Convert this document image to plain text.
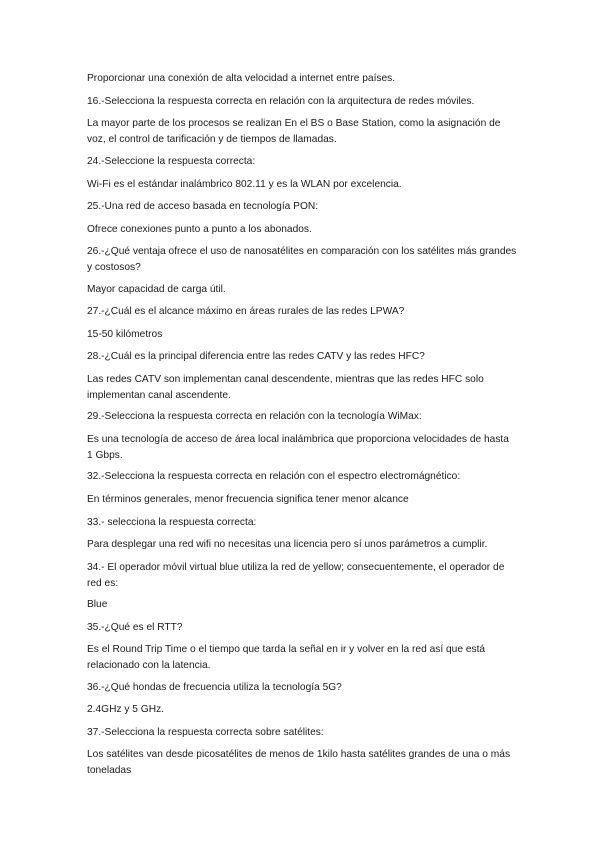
Proporcionar una conexión de alta velocidad a internet entre países.

16.-Selecciona la respuesta correcta en relación con la arquitectura de redes móviles.

La mayor parte de los procesos se realizan En el BS o Base Station, como la asignación de voz, el control de tarificación y de tiempos de llamadas.

24.-Seleccione la respuesta correcta:

Wi-Fi es el estándar inalámbrico 802.11 y es la WLAN por excelencia.

25.-Una red de acceso basada en tecnología PON:

Ofrece conexiones punto a punto a los abonados.

26.-¿Qué ventaja ofrece el uso de nanosatélites en comparación con los satélites más grandes y costosos?

Mayor capacidad de carga útil.

27.-¿Cuál es el alcance máximo en áreas rurales de las redes LPWA?

15-50 kilómetros

28.-¿Cuál es la principal diferencia entre las redes CATV y las redes HFC?

Las redes CATV son implementan canal descendente, mientras que las redes HFC solo implementan canal ascendente.

29.-Selecciona la respuesta correcta en relación con la tecnología WiMax:

Es una tecnología de acceso de área local inalámbrica que proporciona velocidades de hasta 1 Gbps.

32.-Selecciona la respuesta correcta en relación con el espectro electromágnético:

En términos generales, menor frecuencia significa tener menor alcance

33.- selecciona la respuesta correcta:

Para desplegar una red wifi no necesitas una licencia pero sí unos parámetros a cumplir.

34.- El operador móvil virtual blue utiliza la red de yellow; consecuentemente, el operador de red es:

Blue

35.-¿Qué es el RTT?

Es el Round Trip Time o el tiempo que tarda la señal en ir y volver en la red así que está relacionado con la latencia.

36.-¿Qué hondas de frecuencia utiliza la tecnología 5G?

2.4GHz y 5 GHz.

37.-Selecciona la respuesta correcta sobre satélites:

Los satélites van desde picosatélites de menos de 1kilo hasta satélites grandes de una o más toneladas
